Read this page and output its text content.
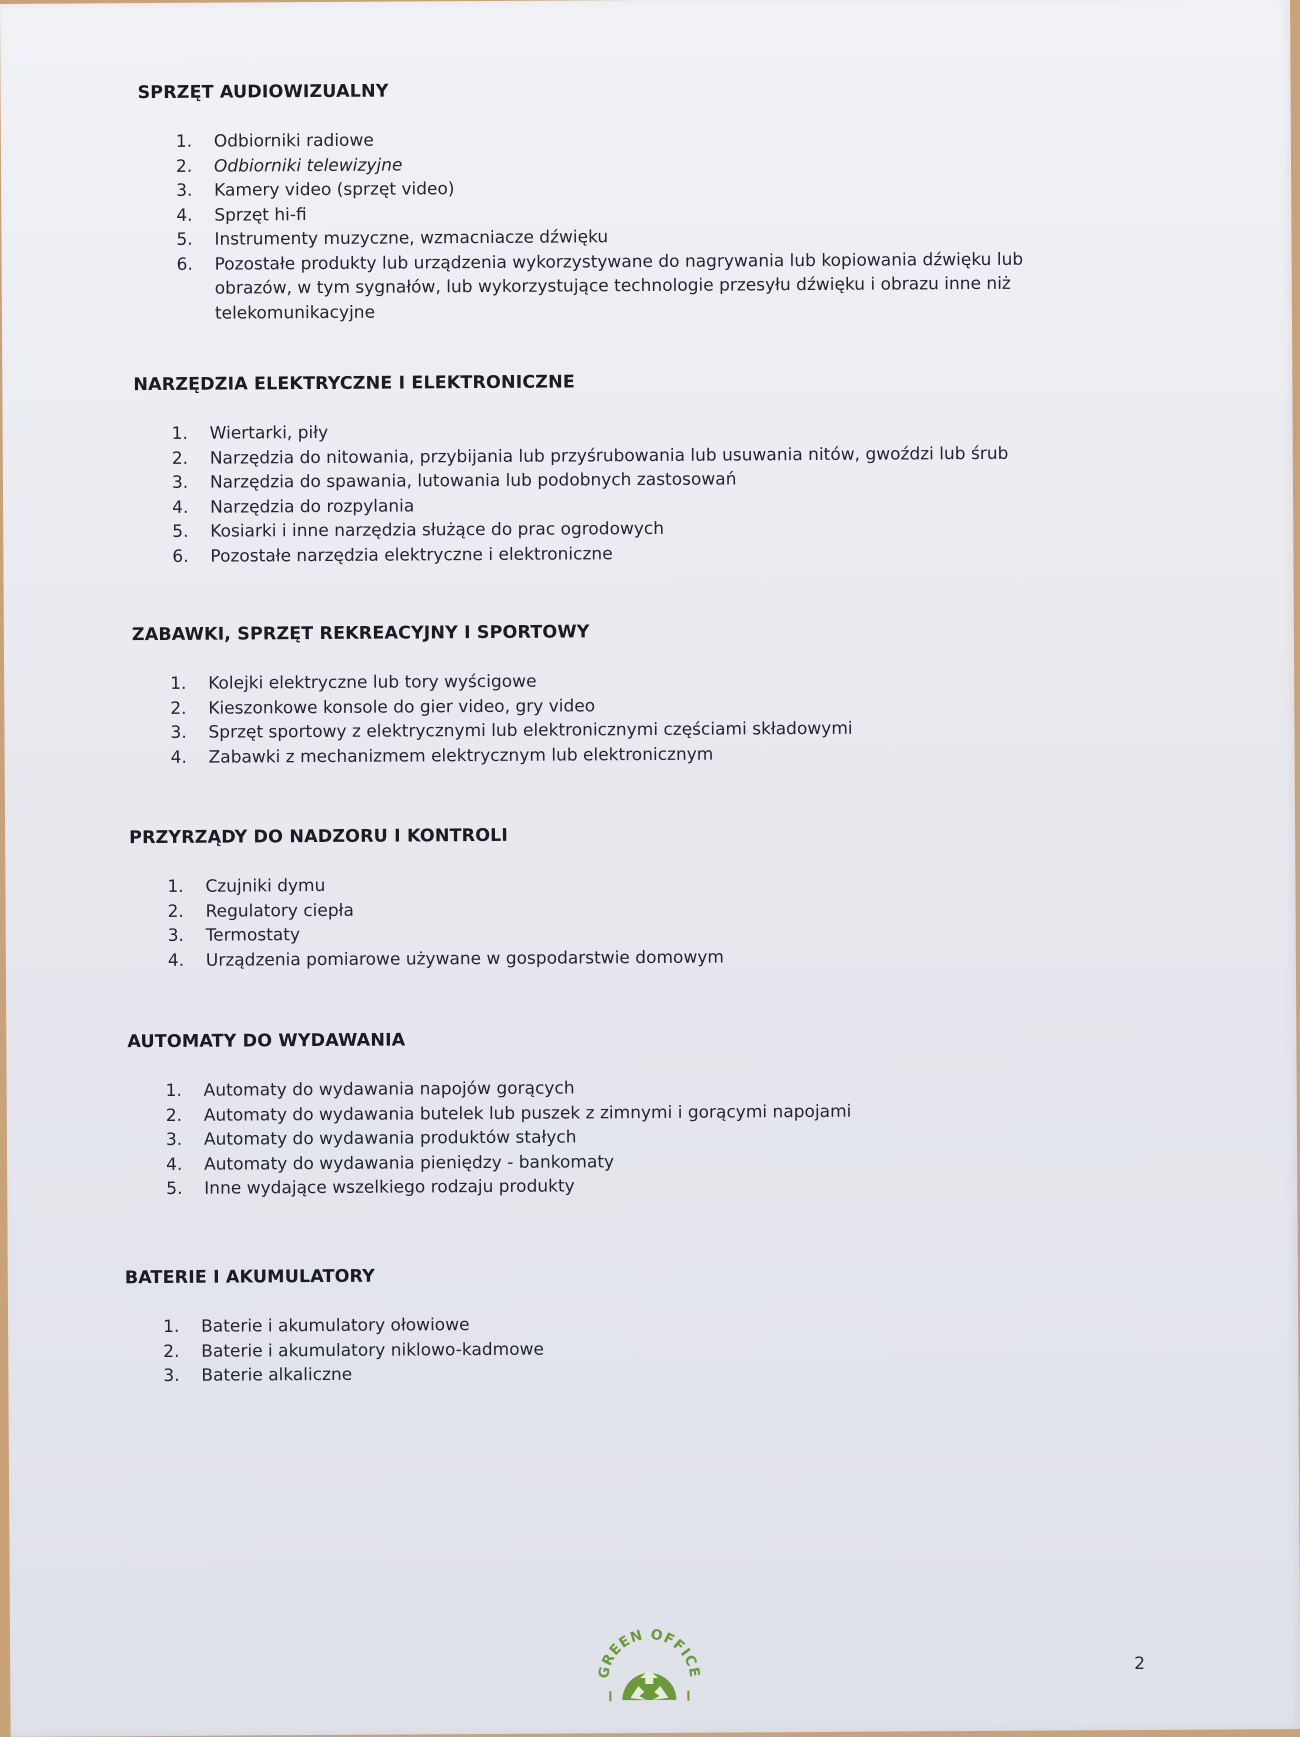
SPRZĘT AUDIOWIZUALNY
1.	Odbiorniki radiowe
2.	Odbiorniki telewizyjne
3.	Kamery video (sprzęt video)
4.	Sprzęt hi-fi
5.	Instrumenty muzyczne, wzmacniacze dźwięku
6.	Pozostałe produkty lub urządzenia wykorzystywane do nagrywania lub kopiowania dźwięku lub obrazów, w tym sygnałów, lub wykorzystujące technologie przesyłu dźwięku i obrazu inne niż telekomunikacyjne
NARZĘDZIA ELEKTRYCZNE I ELEKTRONICZNE
1.	Wiertarki, piły
2.	Narzędzia do nitowania, przybijania lub przyśrubowania lub usuwania nitów, gwoździ lub śrub
3.	Narzędzia do spawania, lutowania lub podobnych zastosowań
4.	Narzędzia do rozpylania
5.	Kosiarki i inne narzędzia służące do prac ogrodowych
6.	Pozostałe narzędzia elektryczne i elektroniczne
ZABAWKI, SPRZĘT REKREACYJNY I SPORTOWY
1.	Kolejki elektryczne lub tory wyścigowe
2.	Kieszonkowe konsole do gier video, gry video
3.	Sprzęt sportowy z elektrycznymi lub elektronicznymi częściami składowymi
4.	Zabawki z mechanizmem elektrycznym lub elektronicznym
PRZYRZĄDY DO NADZORU I KONTROLI
1.	Czujniki dymu
2.	Regulatory ciepła
3.	Termostaty
4.	Urządzenia pomiarowe używane w gospodarstwie domowym
AUTOMATY DO WYDAWANIA
1.	Automaty do wydawania napojów gorących
2.	Automaty do wydawania butelek lub puszek z zimnymi i gorącymi napojami
3.	Automaty do wydawania produktów stałych
4.	Automaty do wydawania pieniędzy - bankomaty
5.	Inne wydające wszelkiego rodzaju produkty
BATERIE I AKUMULATORY
1.	Baterie i akumulatory ołowiowe
2.	Baterie i akumulatory niklowo-kadmowe
3.	Baterie alkaliczne
GREEN OFFICE	2
